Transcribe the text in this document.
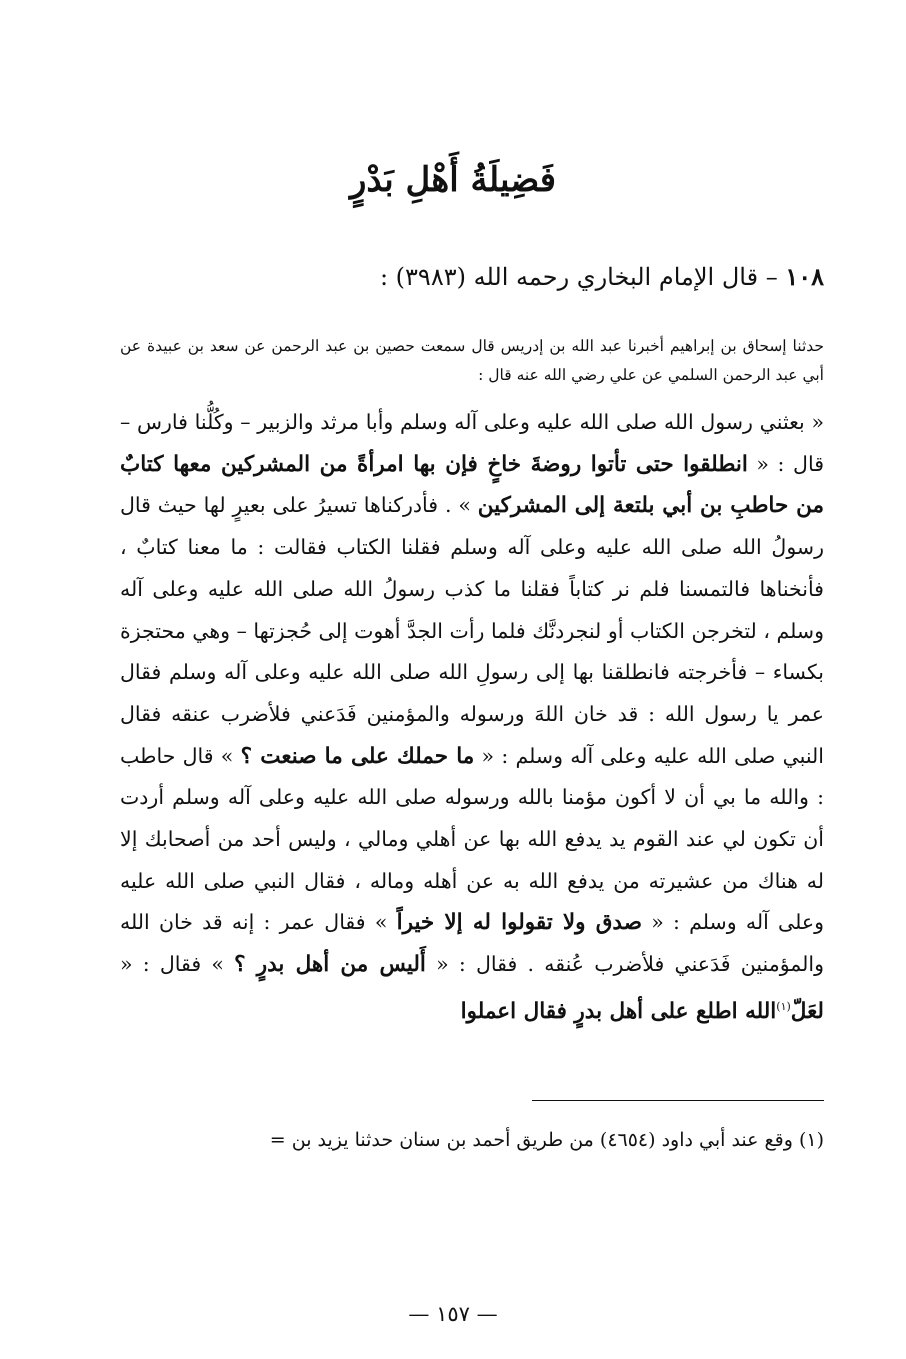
فَضِيلَةُ أَهْلِ بَدْرٍ

١٠٨ – قال الإمام البخاري رحمه الله (٣٩٨٣) :

حدثنا إسحاق بن إبراهيم أخبرنا عبد الله بن إدريس قال سمعت حصين بن عبد الرحمن عن سعد بن عبيدة عن أبي عبد الرحمن السلمي عن علي رضي الله عنه قال :

« بعثني رسول الله صلى الله عليه وعلى آله وسلم وأبا مرثد والزبير – وكُلُّنا فارس – قال : « انطلقوا حتى تأتوا روضةَ خاخٍ فإن بها امرأةً من المشركين معها كتابٌ من حاطبِ بن أبي بلتعة إلى المشركين » . فأدركناها تسيرُ على بعيرٍ لها حيث قال رسولُ الله صلى الله عليه وعلى آله وسلم فقلنا الكتاب فقالت : ما معنا كتابٌ ، فأنخناها فالتمسنا فلم نر كتاباً فقلنا ما كذب رسولُ الله صلى الله عليه وعلى آله وسلم ، لتخرجن الكتاب أو لنجردنَّك فلما رأت الجدَّ أهوت إلى حُجزتها – وهي محتجزة بكساء – فأخرجته فانطلقنا بها إلى رسولِ الله صلى الله عليه وعلى آله وسلم فقال عمر يا رسول الله : قد خان اللهَ ورسوله والمؤمنين فَدَعني فلأضرب عنقه فقال النبي صلى الله عليه وعلى آله وسلم : « ما حملك على ما صنعت ؟ » قال حاطب : والله ما بي أن لا أكون مؤمنا بالله ورسوله صلى الله عليه وعلى آله وسلم أردت أن تكون لي عند القوم يد يدفع الله بها عن أهلي ومالي ، وليس أحد من أصحابك إلا له هناك من عشيرته من يدفع الله به عن أهله وماله ، فقال النبي صلى الله عليه وعلى آله وسلم : « صدق ولا تقولوا له إلا خيراً » فقال عمر : إنه قد خان الله والمؤمنين فَدَعني فلأضرب عُنقه . فقال : « أَليس من أهل بدرٍ ؟ » فقال : « لعَلّ$^{(١)}$الله اطلع على أهل بدرٍ فقال اعملوا

(١) وقع عند أبي داود (٤٦٥٤) من طريق أحمد بن سنان حدثنا يزيد بن =

— ١٥٧ —
